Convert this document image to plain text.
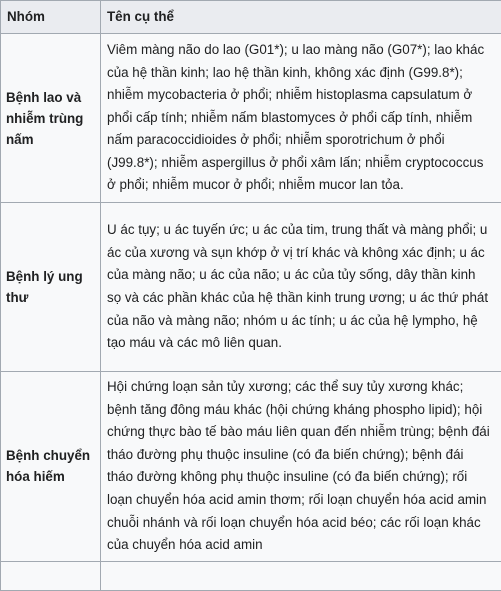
Nhóm	Tên cụ thể
Bệnh lao và nhiễm trùng nấm	Viêm màng não do lao (G01*); u lao màng não (G07*); lao khác của hệ thần kinh; lao hệ thần kinh, không xác định (G99.8*); nhiễm mycobacteria ở phổi; nhiễm histoplasma capsulatum ở phổi cấp tính; nhiễm nấm blastomyces ở phổi cấp tính, nhiễm nấm paracoccidioides ở phổi; nhiễm sporotrichum ở phổi (J99.8*); nhiễm aspergillus ở phổi xâm lấn; nhiễm cryptococcus ở phổi; nhiễm mucor ở phổi; nhiễm mucor lan tỏa.
Bệnh lý ung thư	U ác tụy; u ác tuyến ức; u ác của tim, trung thất và màng phổi; u ác của xương và sụn khớp ở vị trí khác và không xác định; u ác của màng não; u ác của não; u ác của tủy sống, dây thần kinh sọ và các phần khác của hệ thần kinh trung ương; u ác thứ phát của não và màng não; nhóm u ác tính; u ác của hệ lympho, hệ tạo máu và các mô liên quan.
Bệnh chuyển hóa hiếm	Hội chứng loạn sản tủy xương; các thể suy tủy xương khác; bệnh tăng đông máu khác (hội chứng kháng phospho lipid); hội chứng thực bào tế bào máu liên quan đến nhiễm trùng; bệnh đái tháo đường phụ thuộc insuline (có đa biến chứng); bệnh đái tháo đường không phụ thuộc insuline (có đa biến chứng); rối loạn chuyển hóa acid amin thơm; rối loạn chuyển hóa acid amin chuỗi nhánh và rối loạn chuyển hóa acid béo; các rối loạn khác của chuyển hóa acid amin
